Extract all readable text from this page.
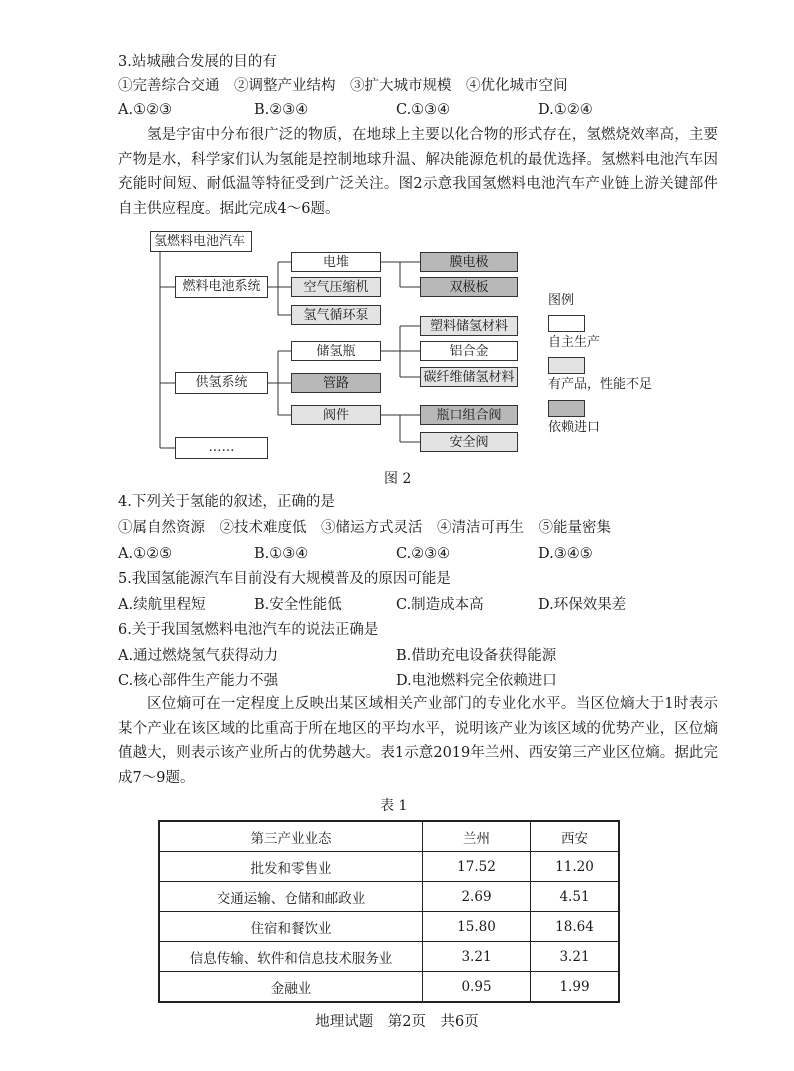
3.站城融合发展的目的有
①完善综合交通　②调整产业结构　③扩大城市规模　④优化城市空间
A.①②③	B.②③④	C.①③④	D.①②④
氢是宇宙中分布很广泛的物质，在地球上主要以化合物的形式存在，氢燃烧效率高，主要产物是水，科学家们认为氢能是控制地球升温、解决能源危机的最优选择。氢燃料电池汽车因充能时间短、耐低温等特征受到广泛关注。图2示意我国氢燃料电池汽车产业链上游关键部件自主供应程度。据此完成4～6题。
氢燃料电池汽车
燃料电池系统
电堆
空气压缩机
氢气循环泵
膜电极
双极板
供氢系统
储氢瓶
管路
阀件
塑料储氢材料
铝合金
碳纤维储氢材料
瓶口组合阀
安全阀
……
图例
自主生产
有产品，性能不足
依赖进口
图 2
4.下列关于氢能的叙述，正确的是
①属自然资源　②技术难度低　③储运方式灵活　④清洁可再生　⑤能量密集
A.①②⑤	B.①③④	C.②③④	D.③④⑤
5.我国氢能源汽车目前没有大规模普及的原因可能是
A.续航里程短	B.安全性能低	C.制造成本高	D.环保效果差
6.关于我国氢燃料电池汽车的说法正确是
A.通过燃烧氢气获得动力	B.借助充电设备获得能源
C.核心部件生产能力不强	D.电池燃料完全依赖进口
区位熵可在一定程度上反映出某区域相关产业部门的专业化水平。当区位熵大于1时表示某个产业在该区域的比重高于所在地区的平均水平，说明该产业为该区域的优势产业，区位熵值越大，则表示该产业所占的优势越大。表1示意2019年兰州、西安第三产业区位熵。据此完成7～9题。
表 1
第三产业业态	兰州	西安
批发和零售业	17.52	11.20
交通运输、仓储和邮政业	2.69	4.51
住宿和餐饮业	15.80	18.64
信息传输、软件和信息技术服务业	3.21	3.21
金融业	0.95	1.99
地理试题　第2页　共6页
